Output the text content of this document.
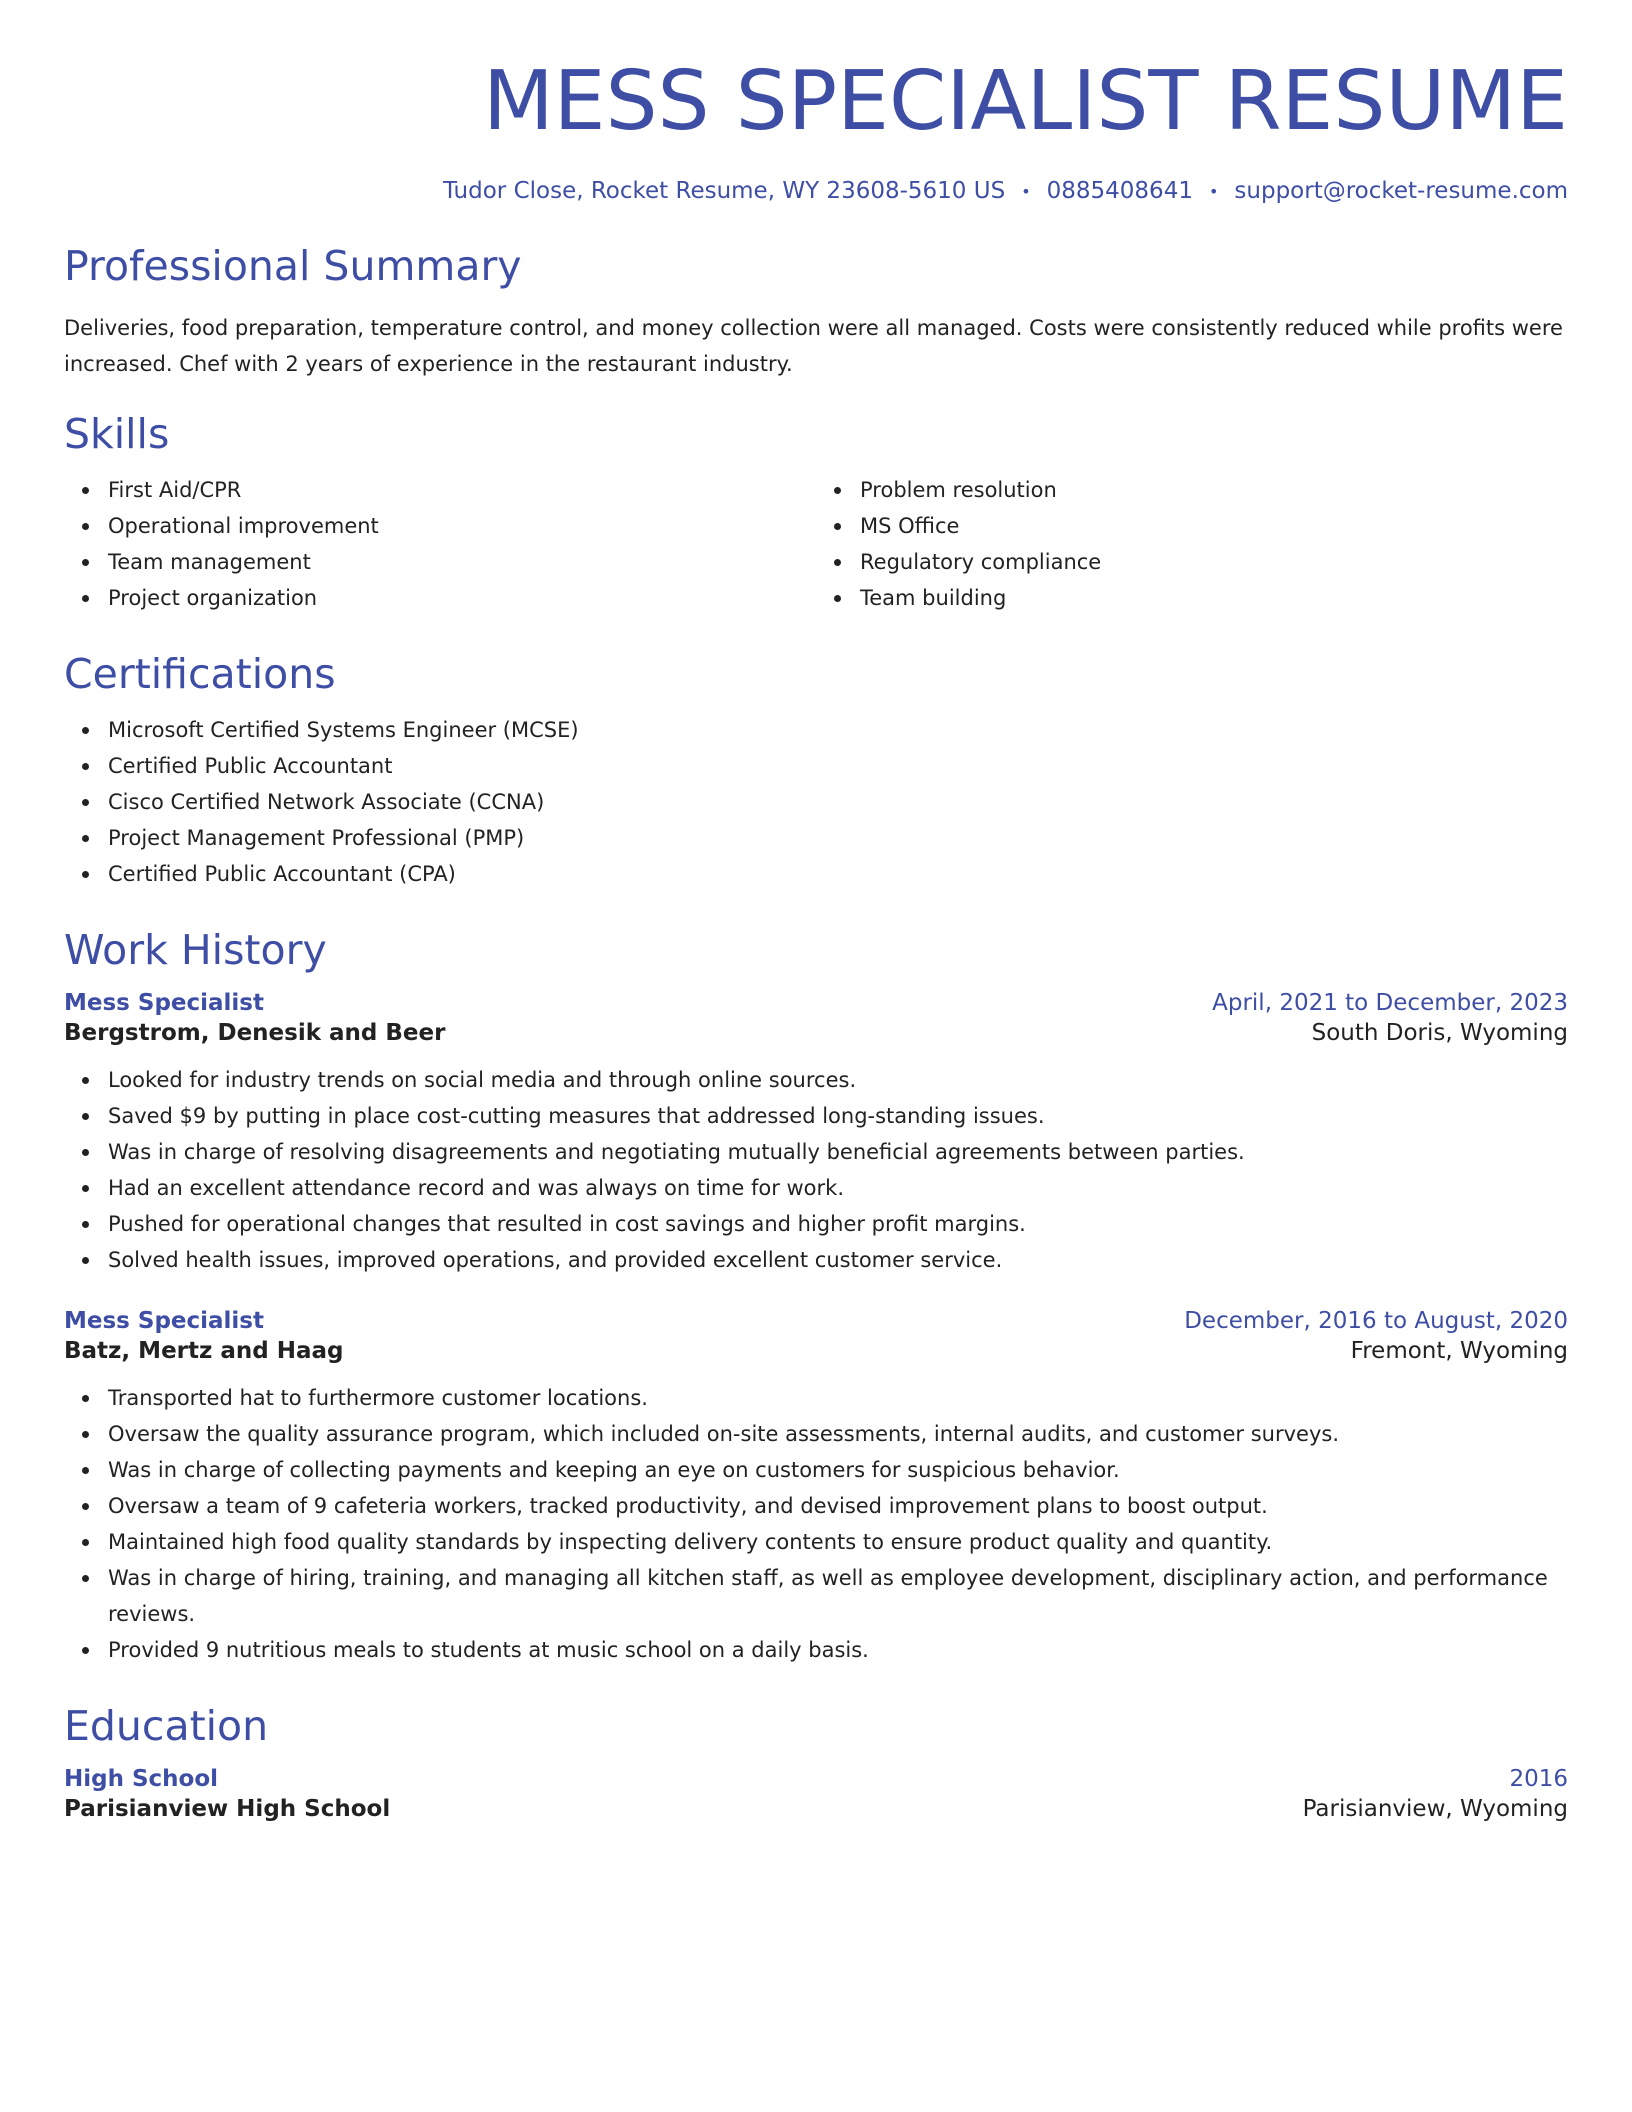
MESS SPECIALIST RESUME
Tudor Close, Rocket Resume, WY 23608-5610 US • 0885408641 • support@rocket-resume.com
Professional Summary

Deliveries, food preparation, temperature control, and money collection were all managed. Costs were consistently reduced while profits were increased. Chef with 2 years of experience in the restaurant industry.

Skills
First Aid/CPR
Operational improvement
Team management
Project organization
Problem resolution
MS Office
Regulatory compliance
Team building
Certifications
Microsoft Certified Systems Engineer (MCSE)
Certified Public Accountant
Cisco Certified Network Associate (CCNA)
Project Management Professional (PMP)
Certified Public Accountant (CPA)
Work History
Mess Specialist	April, 2021 to December, 2023
Bergstrom, Denesik and Beer	South Doris, Wyoming
Looked for industry trends on social media and through online sources.
Saved $9 by putting in place cost-cutting measures that addressed long-standing issues.
Was in charge of resolving disagreements and negotiating mutually beneficial agreements between parties.
Had an excellent attendance record and was always on time for work.
Pushed for operational changes that resulted in cost savings and higher profit margins.
Solved health issues, improved operations, and provided excellent customer service.
Mess Specialist	December, 2016 to August, 2020
Batz, Mertz and Haag	Fremont, Wyoming
Transported hat to furthermore customer locations.
Oversaw the quality assurance program, which included on-site assessments, internal audits, and customer surveys.
Was in charge of collecting payments and keeping an eye on customers for suspicious behavior.
Oversaw a team of 9 cafeteria workers, tracked productivity, and devised improvement plans to boost output.
Maintained high food quality standards by inspecting delivery contents to ensure product quality and quantity.
Was in charge of hiring, training, and managing all kitchen staff, as well as employee development, disciplinary action, and performance reviews.
Provided 9 nutritious meals to students at music school on a daily basis.
Education
High School	2016
Parisianview High School	Parisianview, Wyoming
